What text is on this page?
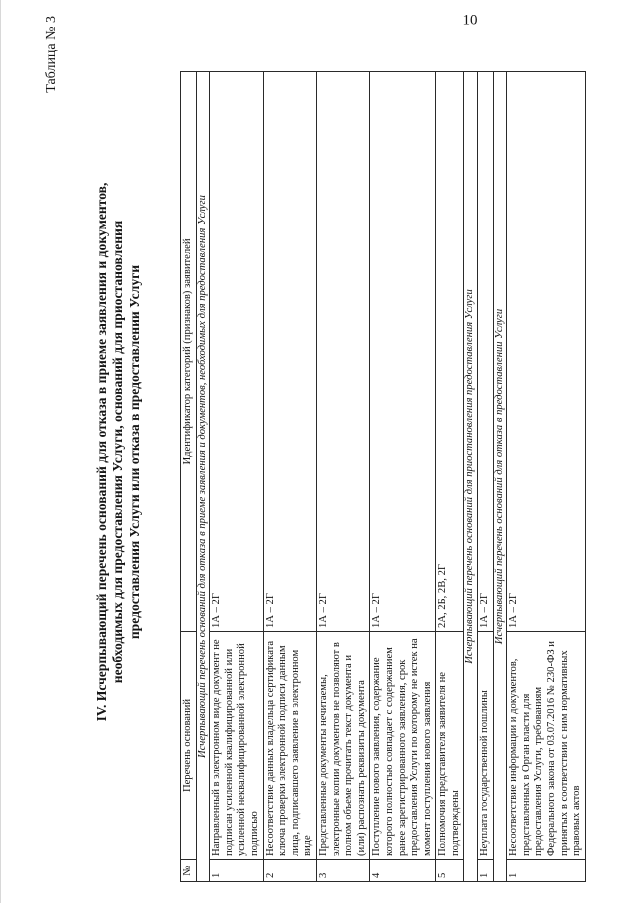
10
Таблица № 3
IV. Исчерпывающий перечень оснований для отказа в приеме заявления и документов, необходимых для предоставления Услуги, оснований для приостановления предоставления Услуги или отказа в предоставлении Услуги
№	Перечень оснований	Идентификатор категорий (признаков) заявителей
Исчерпывающий перечень оснований для отказа в приеме заявления и документов, необходимых для предоставления Услуги		
1	Направленный в электронном виде документ не подписан усиленной квалифицированной или усиленной неквалифицированной электронной подписью	1А – 2Г
2	Несоответствие данных владельца сертификата ключа проверки электронной подписи данным лица, подписавшего заявление в электронном виде	1А – 2Г
3	Представленные документы нечитаемы, электронные копии документов не позволяют в полном объеме прочитать текст документа и (или) распознать реквизиты документа	1А – 2Г
4	Поступление нового заявления, содержание которого полностью совпадает с содержанием ранее зарегистрированного заявления, срок предоставления Услуги по которому не истек на момент поступления нового заявления	1А – 2Г
5	Полномочия представителя заявителя не подтверждены	2А, 2Б, 2В, 2Г
Исчерпывающий перечень оснований для приостановления предоставления Услуги		
1	Неуплата государственной пошлины	1А – 2Г
Исчерпывающий перечень оснований для отказа в предоставлении Услуги		
1	Несоответствие информации и документов, представленных в Орган власти для предоставления Услуги, требованиям Федерального закона от 03.07.2016 № 230-ФЗ и принятых в соответствии с ним нормативных правовых актов	1А – 2Г
